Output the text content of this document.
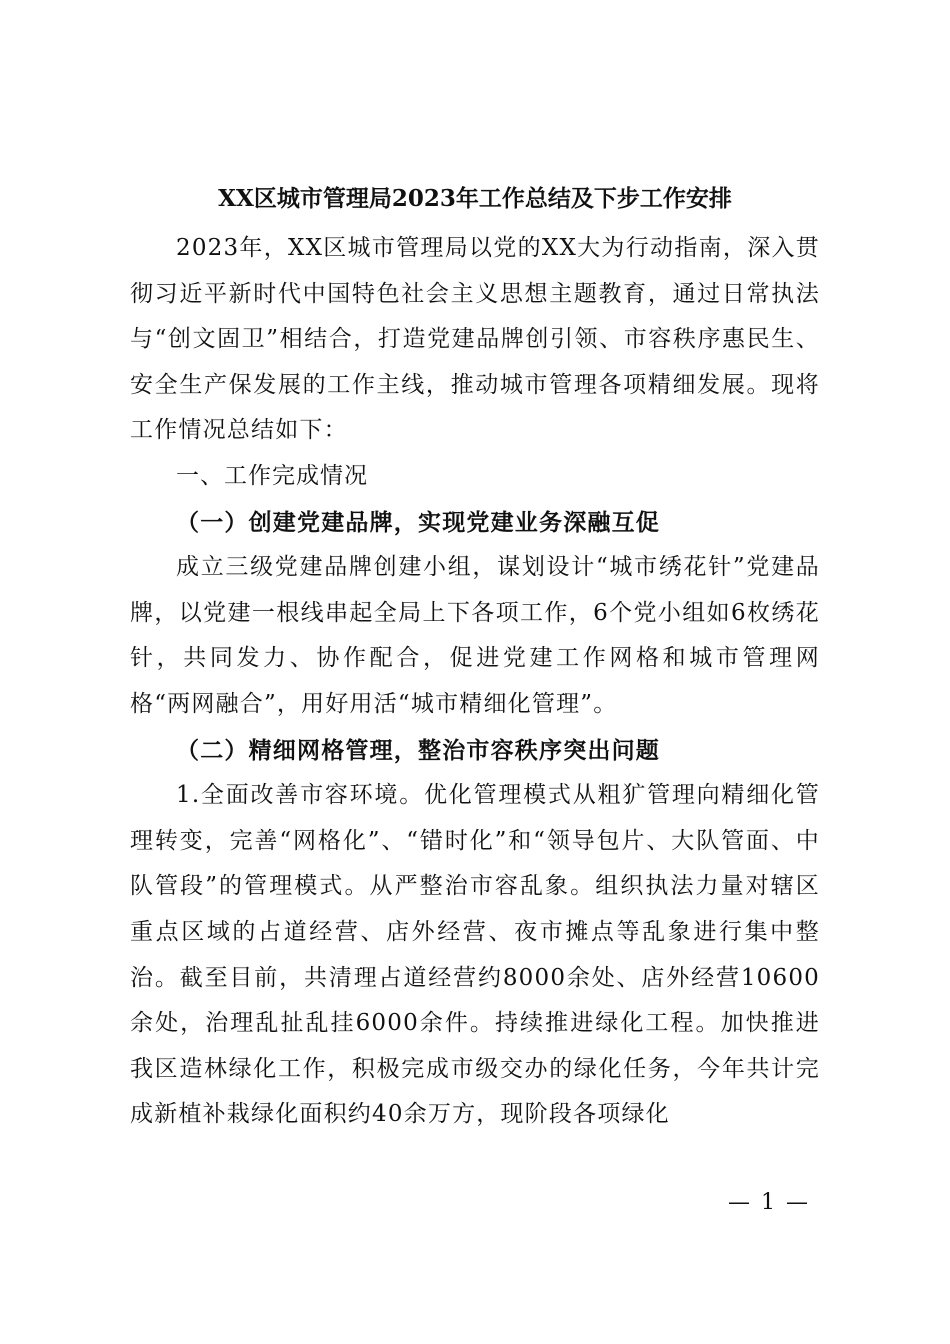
XX区城市管理局2023年工作总结及下步工作安排

2023年，XX区城市管理局以党的XX大为行动指南，深入贯彻习近平新时代中国特色社会主义思想主题教育，通过日常执法与“创文固卫”相结合，打造党建品牌创引领、市容秩序惠民生、安全生产保发展的工作主线，推动城市管理各项精细发展。现将工作情况总结如下：

一、工作完成情况

（一）创建党建品牌，实现党建业务深融互促

成立三级党建品牌创建小组，谋划设计“城市绣花针”党建品牌，以党建一根线串起全局上下各项工作，6个党小组如6枚绣花针，共同发力、协作配合，促进党建工作网格和城市管理网格“两网融合”，用好用活“城市精细化管理”。

（二）精细网格管理，整治市容秩序突出问题

1.全面改善市容环境。优化管理模式从粗犷管理向精细化管理转变，完善“网格化”、“错时化”和“领导包片、大队管面、中队管段”的管理模式。从严整治市容乱象。组织执法力量对辖区重点区域的占道经营、店外经营、夜市摊点等乱象进行集中整治。截至目前，共清理占道经营约8000余处、店外经营10600余处，治理乱扯乱挂6000余件。持续推进绿化工程。加快推进我区造林绿化工作，积极完成市级交办的绿化任务，今年共计完成新植补栽绿化面积约40余万方，现阶段各项绿化

— 1 —
